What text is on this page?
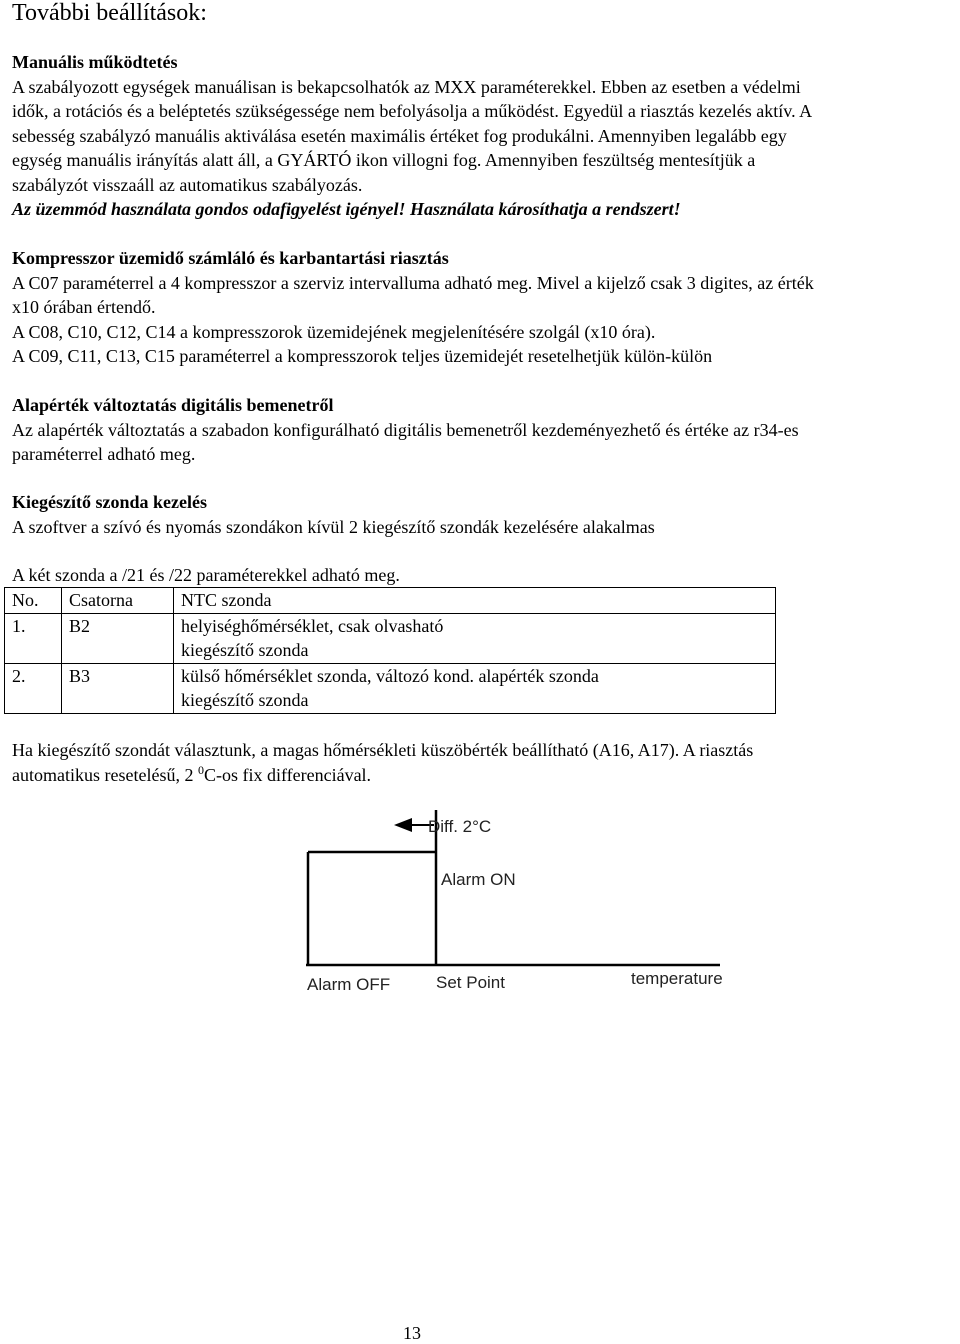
További beállítások:

Manuális működtetés

A szabályozott egységek manuálisan is bekapcsolhatók az MXX paraméterekkel. Ebben az esetben a védelmi

idők, a rotációs és a beléptetés szükségessége nem befolyásolja a működést. Egyedül a riasztás kezelés aktív. A

sebesség szabályzó manuális aktiválása esetén maximális értéket fog produkálni. Amennyiben legalább egy

egység manuális irányítás alatt áll, a GYÁRTÓ ikon villogni fog. Amennyiben feszültség mentesítjük a

szabályzót visszaáll az automatikus szabályozás.

Az üzemmód használata gondos odafigyelést igényel! Használata károsíthatja a rendszert!

Kompresszor üzemidő számláló és karbantartási riasztás

A C07 paraméterrel a 4 kompresszor a szerviz intervalluma adható meg. Mivel a kijelző csak 3 digites, az érték

x10 órában értendő.

A C08, C10, C12, C14 a kompresszorok üzemidejének megjelenítésére szolgál (x10 óra).

A C09, C11, C13, C15 paraméterrel a kompresszorok teljes üzemidejét resetelhetjük külön-külön

Alapérték változtatás digitális bemenetről

Az alapérték változtatás a szabadon konfigurálható digitális bemenetről kezdeményezhető és értéke az r34-es

paraméterrel adható meg.

Kiegészítő szonda kezelés

A szoftver a szívó és nyomás szondákon kívül 2 kiegészítő szondák kezelésére alakalmas

A két szonda a /21 és /22 paraméterekkel adható meg.
No.	Csatorna	NTC szonda
1.	B2	helyiséghőmérséklet, csak olvasható
kiegészítő szonda

2.	B3	külső hőmérséklet szonda, változó kond. alapérték szonda
kiegészítő szonda

Ha kiegészítő szondát választunk, a magas hőmérsékleti küszöbérték beállítható (A16, A17). A riasztás

automatikus resetelésű, 2 $^0$C-os fix differenciával.

Diff. 2°C
Alarm ON
Alarm OFF	Set Point	temperature
13
